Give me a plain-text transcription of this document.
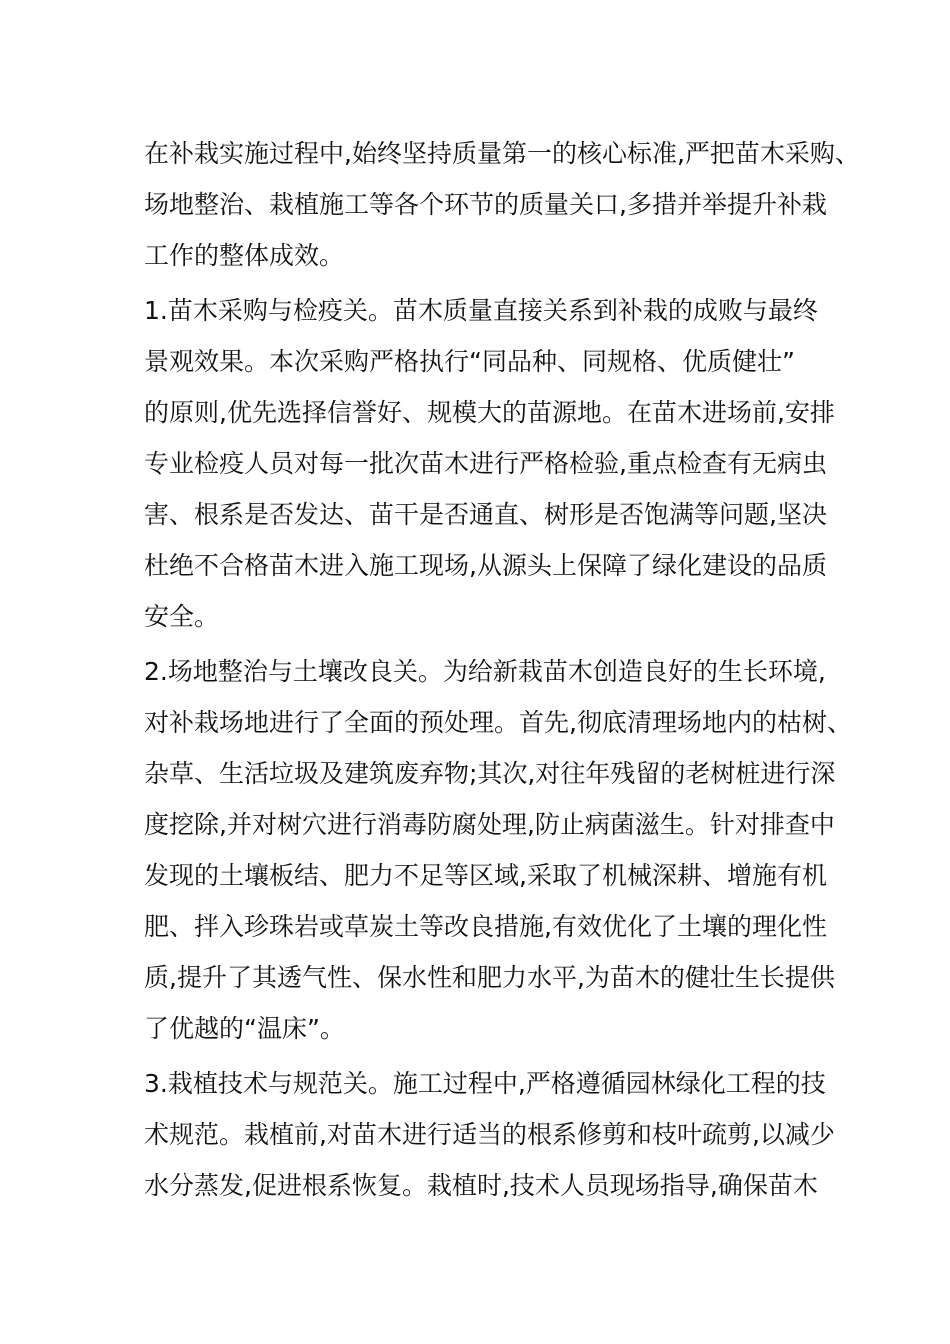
在补栽实施过程中,始终坚持质量第一的核心标准,严把苗木采购、
场地整治、栽植施工等各个环节的质量关口,多措并举提升补栽
工作的整体成效。
1.苗木采购与检疫关。苗木质量直接关系到补栽的成败与最终
景观效果。本次采购严格执行“同品种、同规格、优质健壮”
的原则,优先选择信誉好、规模大的苗源地。在苗木进场前,安排
专业检疫人员对每一批次苗木进行严格检验,重点检查有无病虫
害、根系是否发达、苗干是否通直、树形是否饱满等问题,坚决
杜绝不合格苗木进入施工现场,从源头上保障了绿化建设的品质
安全。
2.场地整治与土壤改良关。为给新栽苗木创造良好的生长环境,
对补栽场地进行了全面的预处理。首先,彻底清理场地内的枯树、
杂草、生活垃圾及建筑废弃物;其次,对往年残留的老树桩进行深
度挖除,并对树穴进行消毒防腐处理,防止病菌滋生。针对排查中
发现的土壤板结、肥力不足等区域,采取了机械深耕、增施有机
肥、拌入珍珠岩或草炭土等改良措施,有效优化了土壤的理化性
质,提升了其透气性、保水性和肥力水平,为苗木的健壮生长提供
了优越的“温床”。
3.栽植技术与规范关。施工过程中,严格遵循园林绿化工程的技
术规范。栽植前,对苗木进行适当的根系修剪和枝叶疏剪,以减少
水分蒸发,促进根系恢复。栽植时,技术人员现场指导,确保苗木
